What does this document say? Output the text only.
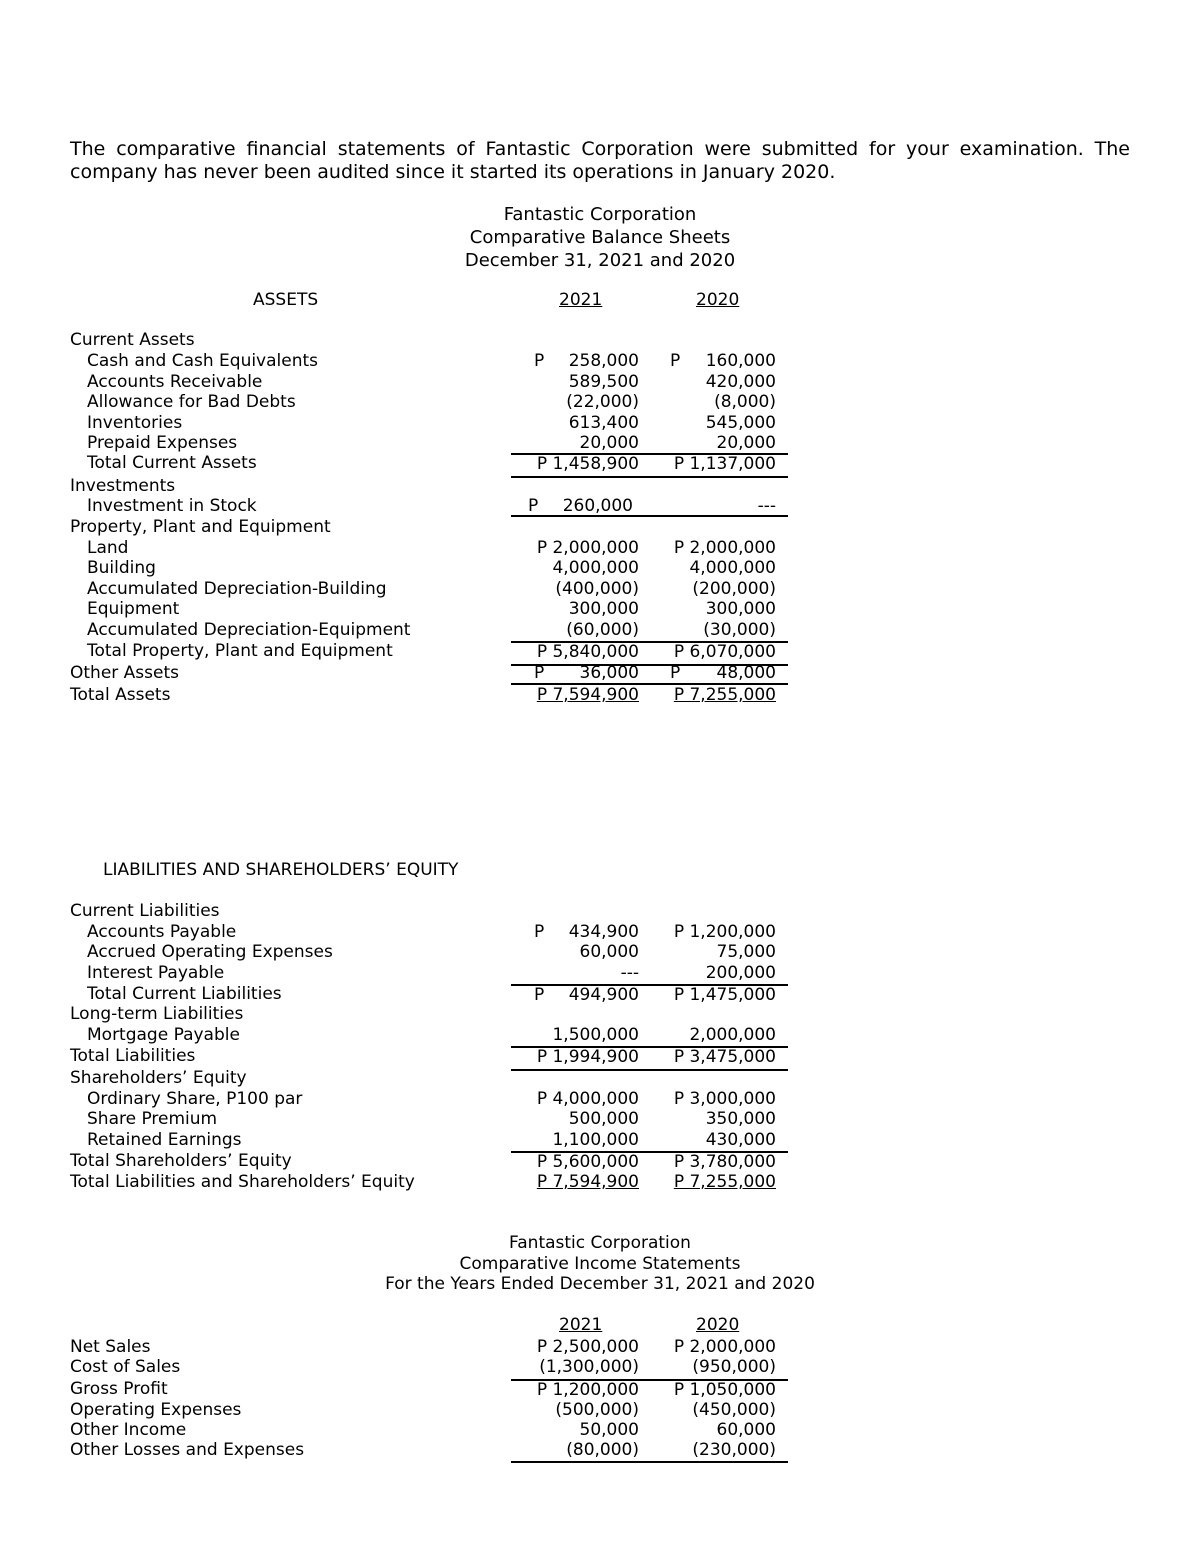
The comparative financial statements of Fantastic Corporation were submitted for your examination. The company has never been audited since it started its operations in January 2020.
Fantastic Corporation
Comparative Balance Sheets
December 31, 2021 and 2020
ASSETS	2021	2020
Current Assets
Cash and Cash Equivalents	P 258,000 P 160,000
Accounts Receivable	589,500	420,000
Allowance for Bad Debts	(22,000)	(8,000)
Inventories	613,400	545,000
Prepaid Expenses	20,000	20,000
Total Current Assets	P 1,458,900 P 1,137,000
Investments
Investment in Stock	P 260,000	---
Property, Plant and Equipment
Land	P 2,000,000 P 2,000,000
Building	4,000,000	4,000,000
Accumulated Depreciation-Building	(400,000)	(200,000)
Equipment	300,000	300,000
Accumulated Depreciation-Equipment	(60,000)	(30,000)
Total Property, Plant and Equipment	P 5,840,000 P 6,070,000
Other Assets	P 36,000 P 48,000
Total Assets	P 7,594,900 P 7,255,000
LIABILITIES AND SHAREHOLDERS’ EQUITY
Current Liabilities
Accounts Payable	P 434,900 P 1,200,000
Accrued Operating Expenses	60,000	75,000
Interest Payable	---	200,000
Total Current Liabilities	P 494,900 P 1,475,000
Long-term Liabilities
Mortgage Payable	1,500,000	2,000,000
Total Liabilities	P 1,994,900 P 3,475,000
Shareholders’ Equity
Ordinary Share, P100 par	P 4,000,000 P 3,000,000
Share Premium	500,000	350,000
Retained Earnings	1,100,000	430,000
Total Shareholders’ Equity	P 5,600,000 P 3,780,000
Total Liabilities and Shareholders’ Equity	P 7,594,900 P 7,255,000
Fantastic Corporation
Comparative Income Statements
For the Years Ended December 31, 2021 and 2020
2021	2020
Net Sales	P 2,500,000 P 2,000,000
Cost of Sales	(1,300,000)	(950,000)
Gross Profit	P 1,200,000 P 1,050,000
Operating Expenses	(500,000)	(450,000)
Other Income	50,000	60,000
Other Losses and Expenses	(80,000)	(230,000)
